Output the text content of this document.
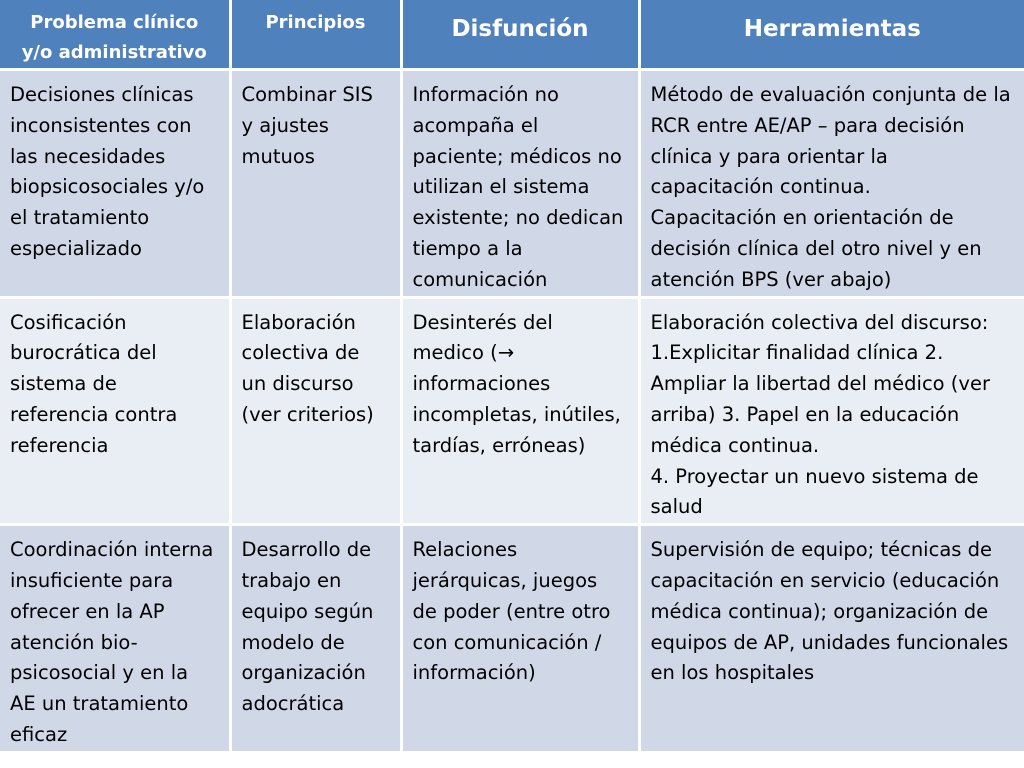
Problema clínico
y/o administrativo	Principios	Disfunción	Herramientas
Decisiones clínicas inconsistentes con las necesidades biopsicosociales y/o el tratamiento especializado	Combinar SIS y ajustes mutuos	Información no acompaña el paciente; médicos no utilizan el sistema existente; no dedican tiempo a la comunicación	Método de evaluación conjunta de la RCR entre AE/AP – para decisión clínica y para orientar la capacitación continua.
Capacitación en orientación de decisión clínica del otro nivel y en atención BPS (ver abajo)
Cosificación burocrática del sistema de referencia contra referencia	Elaboración colectiva de un discurso (ver criterios)	Desinterés del medico (→ informaciones incompletas, inútiles, tardías, erróneas)	Elaboración colectiva del discurso:
1.Explicitar finalidad clínica 2. Ampliar la libertad del médico (ver arriba) 3. Papel en la educación médica continua.
4. Proyectar un nuevo sistema de salud
Coordinación interna insuficiente para ofrecer en la AP atención bio-psicosocial y en la AE un tratamiento eficaz	Desarrollo de trabajo en equipo según modelo de organización adocrática	Relaciones jerárquicas, juegos de poder (entre otro con comunicación / información)	Supervisión de equipo; técnicas de capacitación en servicio (educación médica continua); organización de equipos de AP, unidades funcionales en los hospitales
